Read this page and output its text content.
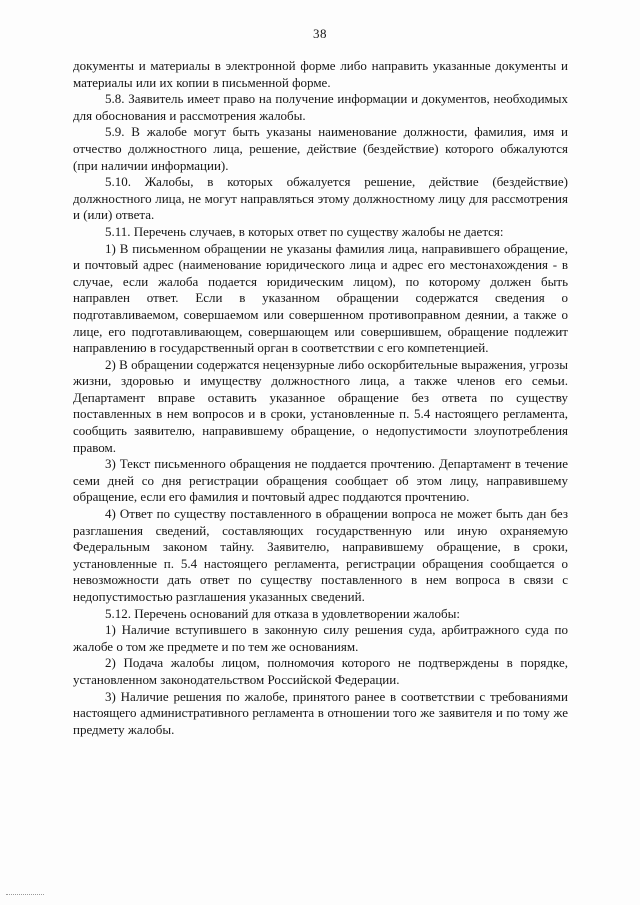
38

документы и материалы в электронной форме либо направить указанные документы и материалы или их копии в письменной форме.

5.8. Заявитель имеет право на получение информации и документов, необходимых для обоснования и рассмотрения жалобы.

5.9. В жалобе могут быть указаны наименование должности, фамилия, имя и отчество должностного лица, решение, действие (бездействие) которого обжалуются (при наличии информации).

5.10. Жалобы, в которых обжалуется решение, действие (бездействие) должностного лица, не могут направляться этому должностному лицу для рассмотрения и (или) ответа.

5.11. Перечень случаев, в которых ответ по существу жалобы не дается:

1) В письменном обращении не указаны фамилия лица, направившего обращение, и почтовый адрес (наименование юридического лица и адрес его местонахождения - в случае, если жалоба подается юридическим лицом), по которому должен быть направлен ответ. Если в указанном обращении содержатся сведения о подготавливаемом, совершаемом или совершенном противоправном деянии, а также о лице, его подготавливающем, совершающем или совершившем, обращение подлежит направлению в государственный орган в соответствии с его компетенцией.

2) В обращении содержатся нецензурные либо оскорбительные выражения, угрозы жизни, здоровью и имуществу должностного лица, а также членов его семьи. Департамент вправе оставить указанное обращение без ответа по существу поставленных в нем вопросов и в сроки, установленные п. 5.4 настоящего регламента, сообщить заявителю, направившему обращение, о недопустимости злоупотребления правом.

3) Текст письменного обращения не поддается прочтению. Департамент в течение семи дней со дня регистрации обращения сообщает об этом лицу, направившему обращение, если его фамилия и почтовый адрес поддаются прочтению.

4) Ответ по существу поставленного в обращении вопроса не может быть дан без разглашения сведений, составляющих государственную или иную охраняемую Федеральным законом тайну. Заявителю, направившему обращение, в сроки, установленные п. 5.4 настоящего регламента, регистрации обращения сообщается о невозможности дать ответ по существу поставленного в нем вопроса в связи с недопустимостью разглашения указанных сведений.

5.12. Перечень оснований для отказа в удовлетворении жалобы:

1) Наличие вступившего в законную силу решения суда, арбитражного суда по жалобе о том же предмете и по тем же основаниям.

2) Подача жалобы лицом, полномочия которого не подтверждены в порядке, установленном законодательством Российской Федерации.

3) Наличие решения по жалобе, принятого ранее в соответствии с требованиями настоящего административного регламента в отношении того же заявителя и по тому же предмету жалобы.
